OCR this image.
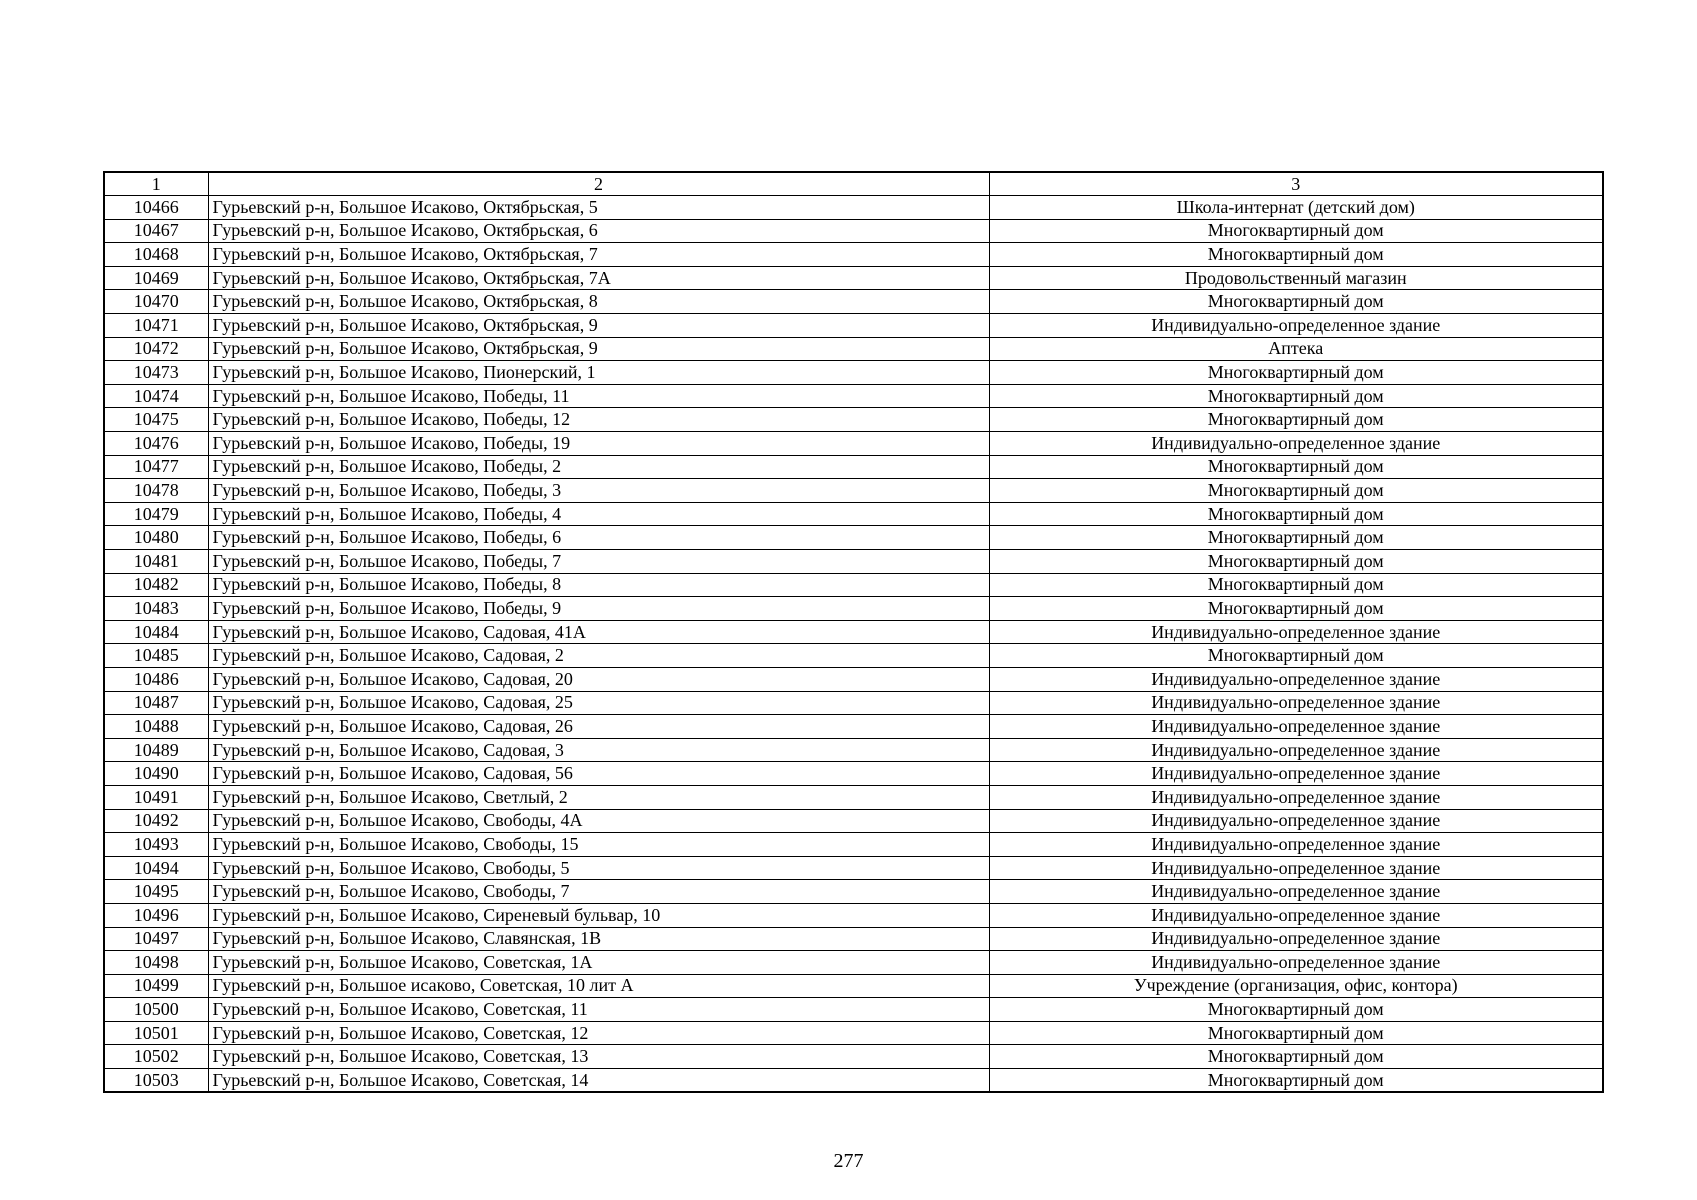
1	2	3
10466	Гурьевский р-н, Большое Исаково, Октябрьская, 5	Школа-интернат (детский дом)
10467	Гурьевский р-н, Большое Исаково, Октябрьская, 6	Многоквартирный дом
10468	Гурьевский р-н, Большое Исаково, Октябрьская, 7	Многоквартирный дом
10469	Гурьевский р-н, Большое Исаково, Октябрьская, 7А	Продовольственный магазин
10470	Гурьевский р-н, Большое Исаково, Октябрьская, 8	Многоквартирный дом
10471	Гурьевский р-н, Большое Исаково, Октябрьская, 9	Индивидуально-определенное здание
10472	Гурьевский р-н, Большое Исаково, Октябрьская, 9	Аптека
10473	Гурьевский р-н, Большое Исаково, Пионерский, 1	Многоквартирный дом
10474	Гурьевский р-н, Большое Исаково, Победы, 11	Многоквартирный дом
10475	Гурьевский р-н, Большое Исаково, Победы, 12	Многоквартирный дом
10476	Гурьевский р-н, Большое Исаково, Победы, 19	Индивидуально-определенное здание
10477	Гурьевский р-н, Большое Исаково, Победы, 2	Многоквартирный дом
10478	Гурьевский р-н, Большое Исаково, Победы, 3	Многоквартирный дом
10479	Гурьевский р-н, Большое Исаково, Победы, 4	Многоквартирный дом
10480	Гурьевский р-н, Большое Исаково, Победы, 6	Многоквартирный дом
10481	Гурьевский р-н, Большое Исаково, Победы, 7	Многоквартирный дом
10482	Гурьевский р-н, Большое Исаково, Победы, 8	Многоквартирный дом
10483	Гурьевский р-н, Большое Исаково, Победы, 9	Многоквартирный дом
10484	Гурьевский р-н, Большое Исаково, Садовая, 41А	Индивидуально-определенное здание
10485	Гурьевский р-н, Большое Исаково, Садовая, 2	Многоквартирный дом
10486	Гурьевский р-н, Большое Исаково, Садовая, 20	Индивидуально-определенное здание
10487	Гурьевский р-н, Большое Исаково, Садовая, 25	Индивидуально-определенное здание
10488	Гурьевский р-н, Большое Исаково, Садовая, 26	Индивидуально-определенное здание
10489	Гурьевский р-н, Большое Исаково, Садовая, 3	Индивидуально-определенное здание
10490	Гурьевский р-н, Большое Исаково, Садовая, 56	Индивидуально-определенное здание
10491	Гурьевский р-н, Большое Исаково, Светлый, 2	Индивидуально-определенное здание
10492	Гурьевский р-н, Большое Исаково, Свободы, 4А	Индивидуально-определенное здание
10493	Гурьевский р-н, Большое Исаково, Свободы, 15	Индивидуально-определенное здание
10494	Гурьевский р-н, Большое Исаково, Свободы, 5	Индивидуально-определенное здание
10495	Гурьевский р-н, Большое Исаково, Свободы, 7	Индивидуально-определенное здание
10496	Гурьевский р-н, Большое Исаково, Сиреневый бульвар, 10	Индивидуально-определенное здание
10497	Гурьевский р-н, Большое Исаково, Славянская, 1В	Индивидуально-определенное здание
10498	Гурьевский р-н, Большое Исаково, Советская, 1А	Индивидуально-определенное здание
10499	Гурьевский р-н, Большое исаково, Советская, 10 лит А	Учреждение (организация, офис, контора)
10500	Гурьевский р-н, Большое Исаково, Советская, 11	Многоквартирный дом
10501	Гурьевский р-н, Большое Исаково, Советская, 12	Многоквартирный дом
10502	Гурьевский р-н, Большое Исаково, Советская, 13	Многоквартирный дом
10503	Гурьевский р-н, Большое Исаково, Советская, 14	Многоквартирный дом
277
